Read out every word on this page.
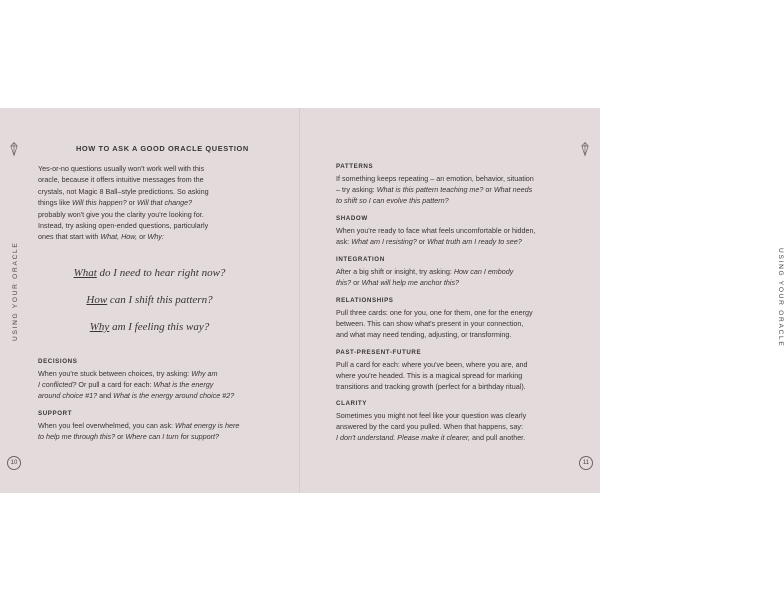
HOW TO ASK A GOOD ORACLE QUESTION
Yes-or-no questions usually won't work well with this
oracle, because it offers intuitive messages from the
crystals, not Magic 8 Ball–style predictions. So asking
things like Will this happen? or Will that change?
probably won't give you the clarity you're looking for.
Instead, try asking open-ended questions, particularly
ones that start with What, How, or Why:
What do I need to hear right now?
How can I shift this pattern?
Why am I feeling this way?
DECISIONS
When you're stuck between choices, try asking: Why am
I conflicted? Or pull a card for each: What is the energy
around choice #1? and What is the energy around choice #2?
SUPPORT
When you feel overwhelmed, you can ask: What energy is here
to help me through this? or Where can I turn for support?
USING YOUR ORACLE
10
PATTERNS
If something keeps repeating – an emotion, behavior, situation
– try asking: What is this pattern teaching me? or What needs
to shift so I can evolve this pattern?
SHADOW
When you're ready to face what feels uncomfortable or hidden,
ask: What am I resisting? or What truth am I ready to see?
INTEGRATION
After a big shift or insight, try asking: How can I embody
this? or What will help me anchor this?
RELATIONSHIPS
Pull three cards: one for you, one for them, one for the energy
between. This can show what's present in your connection,
and what may need tending, adjusting, or transforming.
PAST-PRESENT-FUTURE
Pull a card for each: where you've been, where you are, and
where you're headed. This is a magical spread for marking
transitions and tracking growth (perfect for a birthday ritual).
CLARITY
Sometimes you might not feel like your question was clearly
answered by the card you pulled. When that happens, say:
I don't understand. Please make it clearer, and pull another.
USING YOUR ORACLE
11
